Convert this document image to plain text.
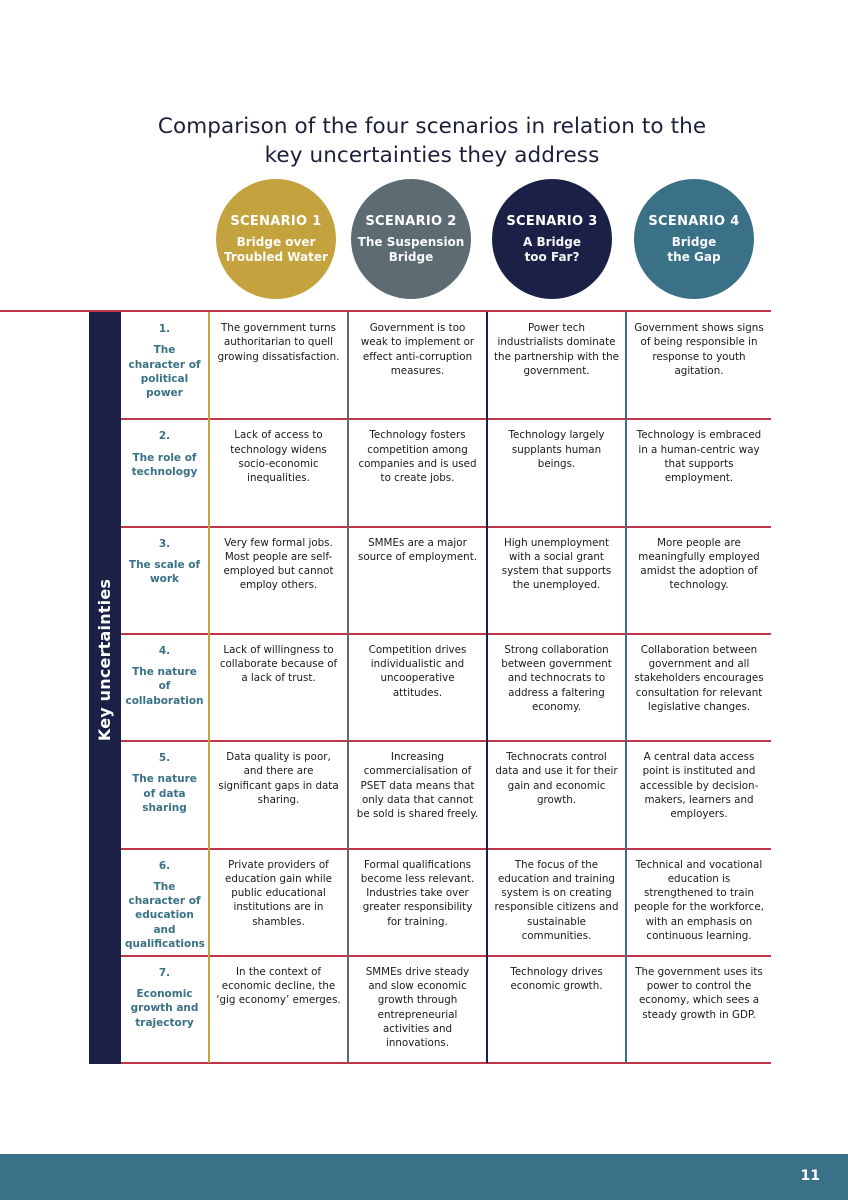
Comparison of the four scenarios in relation to the
key uncertainties they address
SCENARIO 1
Bridge over
Troubled Water
SCENARIO 2
The Suspension
Bridge
SCENARIO 3
A Bridge
too Far?
SCENARIO 4
Bridge
the Gap
Key uncertainties
1.
The character of political power
The government turns authoritarian to quell growing dissatisfaction.
Government is too weak to implement or effect anti-corruption measures.
Power tech industrialists dominate the partnership with the government.
Government shows signs of being responsible in response to youth agitation.
2.
The role of technology
Lack of access to technology widens socio-economic inequalities.
Technology fosters competition among companies and is used to create jobs.
Technology largely supplants human beings.
Technology is embraced in a human-centric way that supports employment.
3.
The scale of work
Very few formal jobs. Most people are self-employed but cannot employ others.
SMMEs are a major source of employment.
High unemployment with a social grant system that supports the unemployed.
More people are meaningfully employed amidst the adoption of technology.
4.
The nature of collaboration
Lack of willingness to collaborate because of a lack of trust.
Competition drives individualistic and uncooperative attitudes.
Strong collaboration between government and technocrats to address a faltering economy.
Collaboration between government and all stakeholders encourages consultation for relevant legislative changes.
5.
The nature of data sharing
Data quality is poor, and there are significant gaps in data sharing.
Increasing commercialisation of PSET data means that only data that cannot be sold is shared freely.
Technocrats control data and use it for their gain and economic growth.
A central data access point is instituted and accessible by decision-makers, learners and employers.
6.
The character of education and qualifications
Private providers of education gain while public educational institutions are in shambles.
Formal qualifications become less relevant. Industries take over greater responsibility for training.
The focus of the education and training system is on creating responsible citizens and sustainable communities.
Technical and vocational education is strengthened to train people for the workforce, with an emphasis on continuous learning.
7.
Economic growth and trajectory
In the context of economic decline, the ‘gig economy’ emerges.
SMMEs drive steady and slow economic growth through entrepreneurial activities and innovations.
Technology drives economic growth.
The government uses its power to control the economy, which sees a steady growth in GDP.
11
